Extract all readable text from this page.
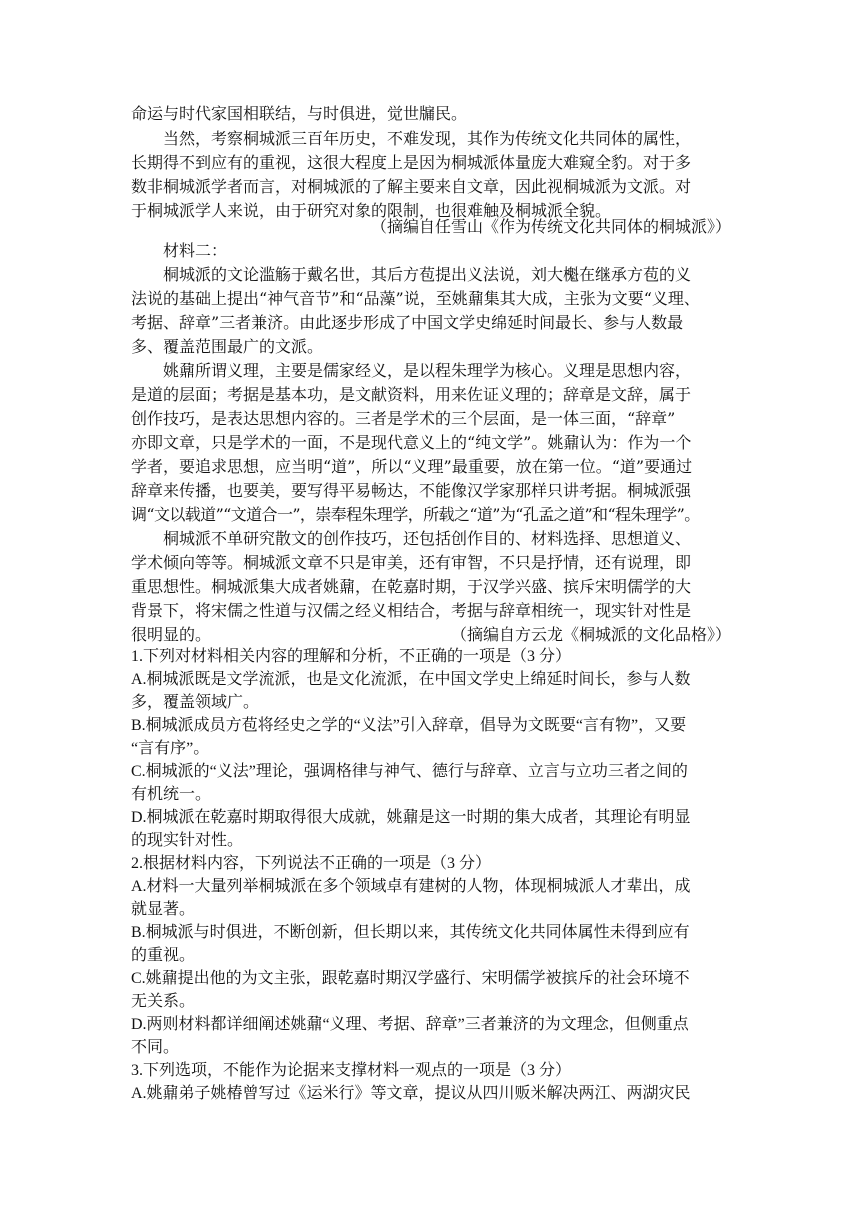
命运与时代家国相联结，与时俱进，觉世牖民。
　　当然，考察桐城派三百年历史，不难发现，其作为传统文化共同体的属性，
长期得不到应有的重视，这很大程度上是因为桐城派体量庞大难窥全豹。对于多
数非桐城派学者而言，对桐城派的了解主要来自文章，因此视桐城派为文派。对
于桐城派学人来说，由于研究对象的限制，也很难触及桐城派全貌。
（摘编自任雪山《作为传统文化共同体的桐城派》）
　　材料二：
　　桐城派的文论滥觞于戴名世，其后方苞提出义法说，刘大櫆在继承方苞的义
法说的基础上提出“神气音节”和“品藻”说，至姚鼐集其大成，主张为文要“义理、
考据、辞章”三者兼济。由此逐步形成了中国文学史绵延时间最长、参与人数最
多、覆盖范围最广的文派。
　　姚鼐所谓义理，主要是儒家经义，是以程朱理学为核心。义理是思想内容，
是道的层面；考据是基本功，是文献资料，用来佐证义理的；辞章是文辞，属于
创作技巧，是表达思想内容的。三者是学术的三个层面，是一体三面，“辞章”
亦即文章，只是学术的一面，不是现代意义上的“纯文学”。姚鼐认为：作为一个
学者，要追求思想，应当明“道”，所以“义理”最重要，放在第一位。“道”要通过
辞章来传播，也要美，要写得平易畅达，不能像汉学家那样只讲考据。桐城派强
调“文以载道”“文道合一”，崇奉程朱理学，所载之“道”为“孔孟之道”和“程朱理学”。
　　桐城派不单研究散文的创作技巧，还包括创作目的、材料选择、思想道义、
学术倾向等等。桐城派文章不只是审美，还有审智，不只是抒情，还有说理，即
重思想性。桐城派集大成者姚鼐，在乾嘉时期，于汉学兴盛、摈斥宋明儒学的大
背景下，将宋儒之性道与汉儒之经义相结合，考据与辞章相统一，现实针对性是
很明显的。	（摘编自方云龙《桐城派的文化品格》）
1.下列对材料相关内容的理解和分析，不正确的一项是（3 分）
A.桐城派既是文学流派，也是文化流派，在中国文学史上绵延时间长，参与人数
多，覆盖领域广。
B.桐城派成员方苞将经史之学的“义法”引入辞章，倡导为文既要“言有物”，又要
“言有序”。
C.桐城派的“义法”理论，强调格律与神气、德行与辞章、立言与立功三者之间的
有机统一。
D.桐城派在乾嘉时期取得很大成就，姚鼐是这一时期的集大成者，其理论有明显
的现实针对性。
2.根据材料内容，下列说法不正确的一项是（3 分）
A.材料一大量列举桐城派在多个领域卓有建树的人物，体现桐城派人才辈出，成
就显著。
B.桐城派与时俱进，不断创新，但长期以来，其传统文化共同体属性未得到应有
的重视。
C.姚鼐提出他的为文主张，跟乾嘉时期汉学盛行、宋明儒学被摈斥的社会环境不
无关系。
D.两则材料都详细阐述姚鼐“义理、考据、辞章”三者兼济的为文理念，但侧重点
不同。
3.下列选项，不能作为论据来支撑材料一观点的一项是（3 分）
A.姚鼐弟子姚椿曾写过《运米行》等文章，提议从四川贩米解决两江、两湖灾民
